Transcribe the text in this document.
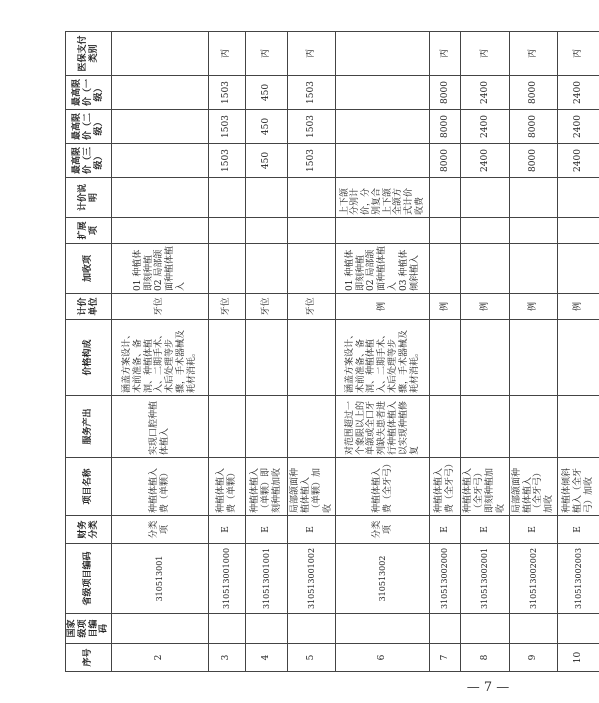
序号	国家级项目编码	省级项目编码	财务分类	项目名称	服务产出	价格构成	计价单位	加收项	扩展项	计价说明	最高限价（三级）	最高限价（二级）	最高限价（一级）	医保支付类别
2		310513001	分类项	种植体植入费（单颗）	实现口腔种植体植入	涵盖方案设计、术前准备、备洞、种植体植入、二期手术、术后处理等步骤，手术器械及耗材消耗。	牙位	01 种植体即刻种植
02 局部颌面种植体植入						
3		310513001000	E	种植体植入费（单颗）			牙位				1503	1503	1503	丙
4		310513001001	E	种植体植入（单颗）即刻种植加收			牙位				450	450	450	丙
5		310513001002	E	局部颌面种植体植入（单颗）加收			牙位				1503	1503	1503	丙
6		310513002	分类项	种植体植入费（全牙弓）	对范围超过一个象限以上的单颌或全口牙列缺失患者进行种植体植入以实现种植修复	涵盖方案设计、术前准备、备洞、种植体植入、二期手术、术后处理等步骤，手术器械及耗材消耗。	例	01 种植体即刻种植
02 局部颌面种植体植入
03 种植体倾斜植入		上下颌分别计价，分别复合上下颌全颌方式计价收费				
7		310513002000	E	种植体植入费（全牙弓）			例				8000	8000	8000	丙
8		310513002001	E	种植体植入（全牙弓）即刻种植加收			例				2400	2400	2400	丙
9		310513002002	E	局部颌面种植体植入（全牙弓）加收			例				8000	8000	8000	丙
10		310513002003	E	种植体倾斜植入（全牙弓）加收			例				2400	2400	2400	丙
— 7 —
